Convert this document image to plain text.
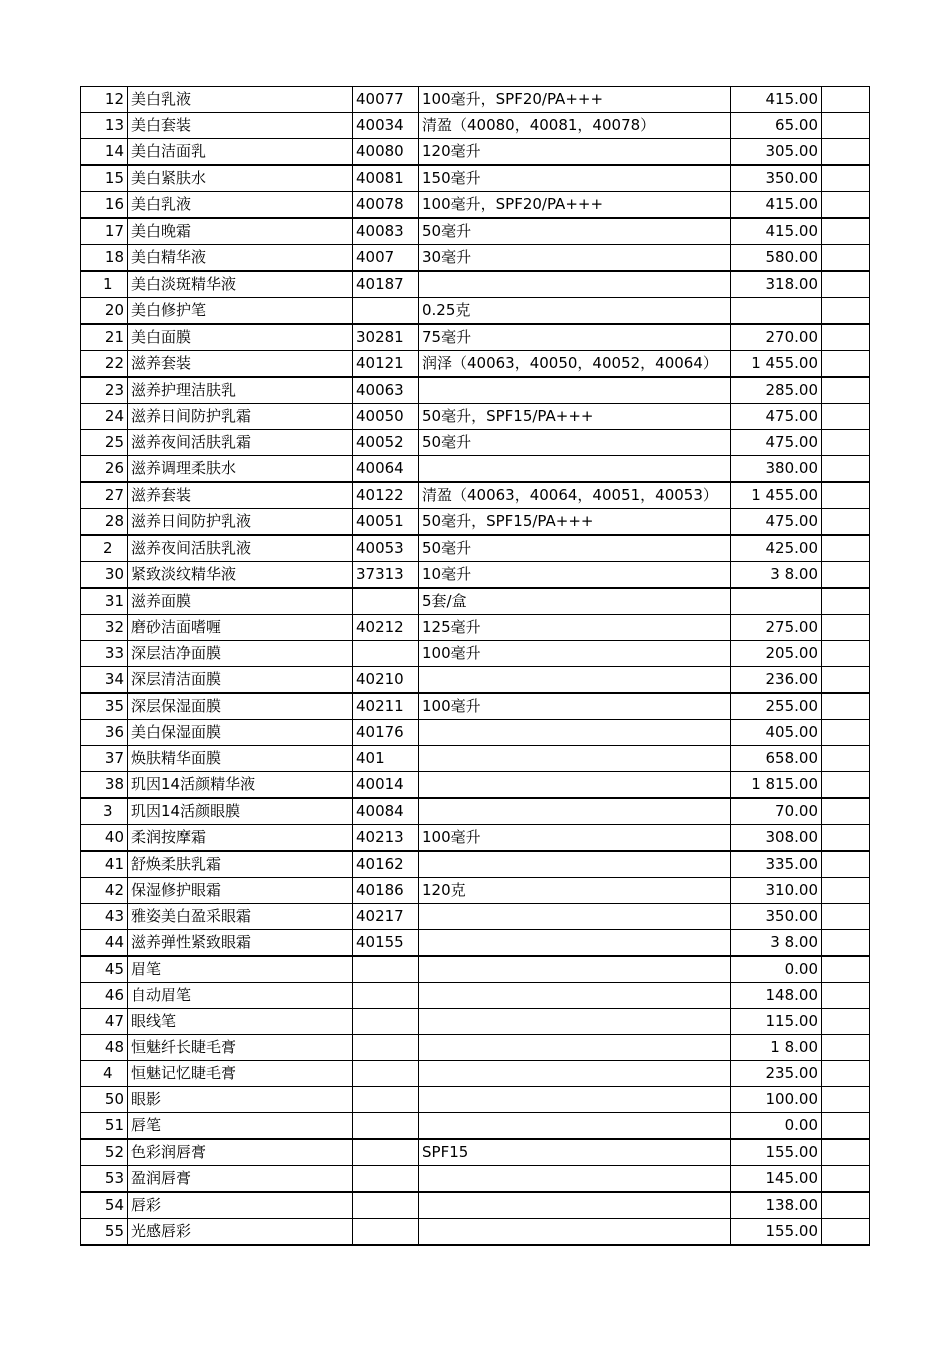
12	美白乳液	40077	100毫升，SPF20/PA+++	415.00	
13	美白套装	40034	清盈（40080，40081，40078）	65.00	
14	美白洁面乳	40080	120毫升	305.00	
15	美白紧肤水	40081	150毫升	350.00	
16	美白乳液	40078	100毫升，SPF20/PA+++	415.00	
17	美白晚霜	40083	50毫升	415.00	
18	美白精华液	4007	30毫升	580.00	
1	美白淡斑精华液	40187		318.00	
20	美白修护笔		0.25克		
21	美白面膜	30281	75毫升	270.00	
22	滋养套装	40121	润泽（40063，40050，40052，40064）	1 455.00	
23	滋养护理洁肤乳	40063		285.00	
24	滋养日间防护乳霜	40050	50毫升，SPF15/PA+++	475.00	
25	滋养夜间活肤乳霜	40052	50毫升	475.00	
26	滋养调理柔肤水	40064		380.00	
27	滋养套装	40122	清盈（40063，40064，40051，40053）	1 455.00	
28	滋养日间防护乳液	40051	50毫升，SPF15/PA+++	475.00	
2	滋养夜间活肤乳液	40053	50毫升	425.00	
30	紧致淡纹精华液	37313	10毫升	3 8.00	
31	滋养面膜		5套/盒		
32	磨砂洁面嗜喱	40212	125毫升	275.00	
33	深层洁净面膜		100毫升	205.00	
34	深层清洁面膜	40210		236.00	
35	深层保湿面膜	40211	100毫升	255.00	
36	美白保湿面膜	40176		405.00	
37	焕肤精华面膜	401		658.00	
38	玑因14活颜精华液	40014		1 815.00	
3	玑因14活颜眼膜	40084		70.00	
40	柔润按摩霜	40213	100毫升	308.00	
41	舒焕柔肤乳霜	40162		335.00	
42	保湿修护眼霜	40186	120克	310.00	
43	雅姿美白盈采眼霜	40217		350.00	
44	滋养弹性紧致眼霜	40155		3 8.00	
45	眉笔			0.00	
46	自动眉笔			148.00	
47	眼线笔			115.00	
48	恒魅纤长睫毛膏			1 8.00	
4	恒魅记忆睫毛膏			235.00	
50	眼影			100.00	
51	唇笔			0.00	
52	色彩润唇膏		SPF15	155.00	
53	盈润唇膏			145.00	
54	唇彩			138.00	
55	光感唇彩			155.00	
